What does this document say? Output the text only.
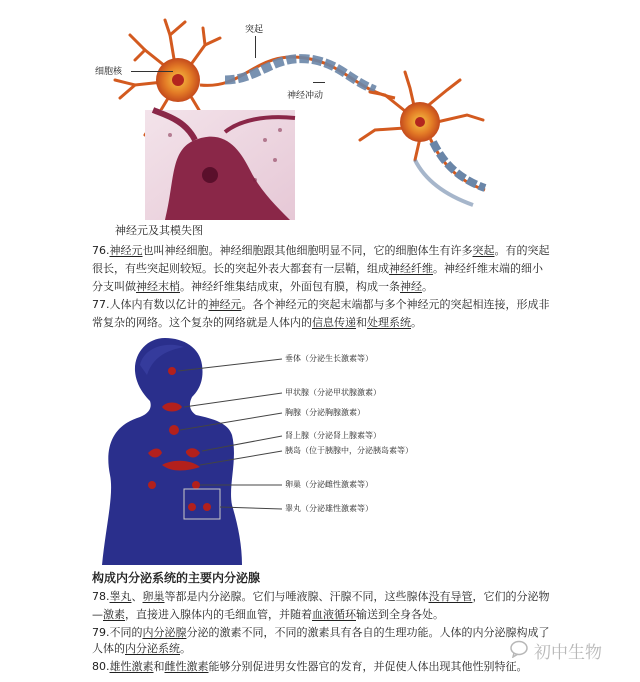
突起
细胞核
神经冲动
神经元及其模失图
76.神经元也叫神经细胞。神经细胞跟其他细胞明显不同，它的细胞体生有许多突起。有的突起
很长，有些突起则较短。长的突起外表大都套有一层鞘，组成神经纤维。神经纤维末端的细小
分支叫做神经末梢。神经纤维集结成束，外面包有膜，构成一条神经。
77.人体内有数以亿计的神经元。各个神经元的突起末端都与多个神经元的突起相连接，形成非
常复杂的网络。这个复杂的网络就是人体内的信息传递和处理系统。
垂体（分泌生长激素等）
甲状腺（分泌甲状腺激素）
胸腺（分泌胸腺激素）
肾上腺（分泌肾上腺素等）
胰岛（位于胰腺中，分泌胰岛素等）
卵巢（分泌雌性激素等）
睾丸（分泌雄性激素等）
构成内分泌系统的主要内分泌腺
78.睾丸、卵巢等都是内分泌腺。它们与唾液腺、汗腺不同，这些腺体没有导管，它们的分泌物
—激素，直接进入腺体内的毛细血管，并随着血液循环输送到全身各处。
79.不同的内分泌腺分泌的激素不同，不同的激素具有各自的生理功能。人体的内分泌腺构成了
人体的内分泌系统。
80.雄性激素和雌性激素能够分别促进男女性器官的发育，并促使人体出现其他性别特征。
初中生物
